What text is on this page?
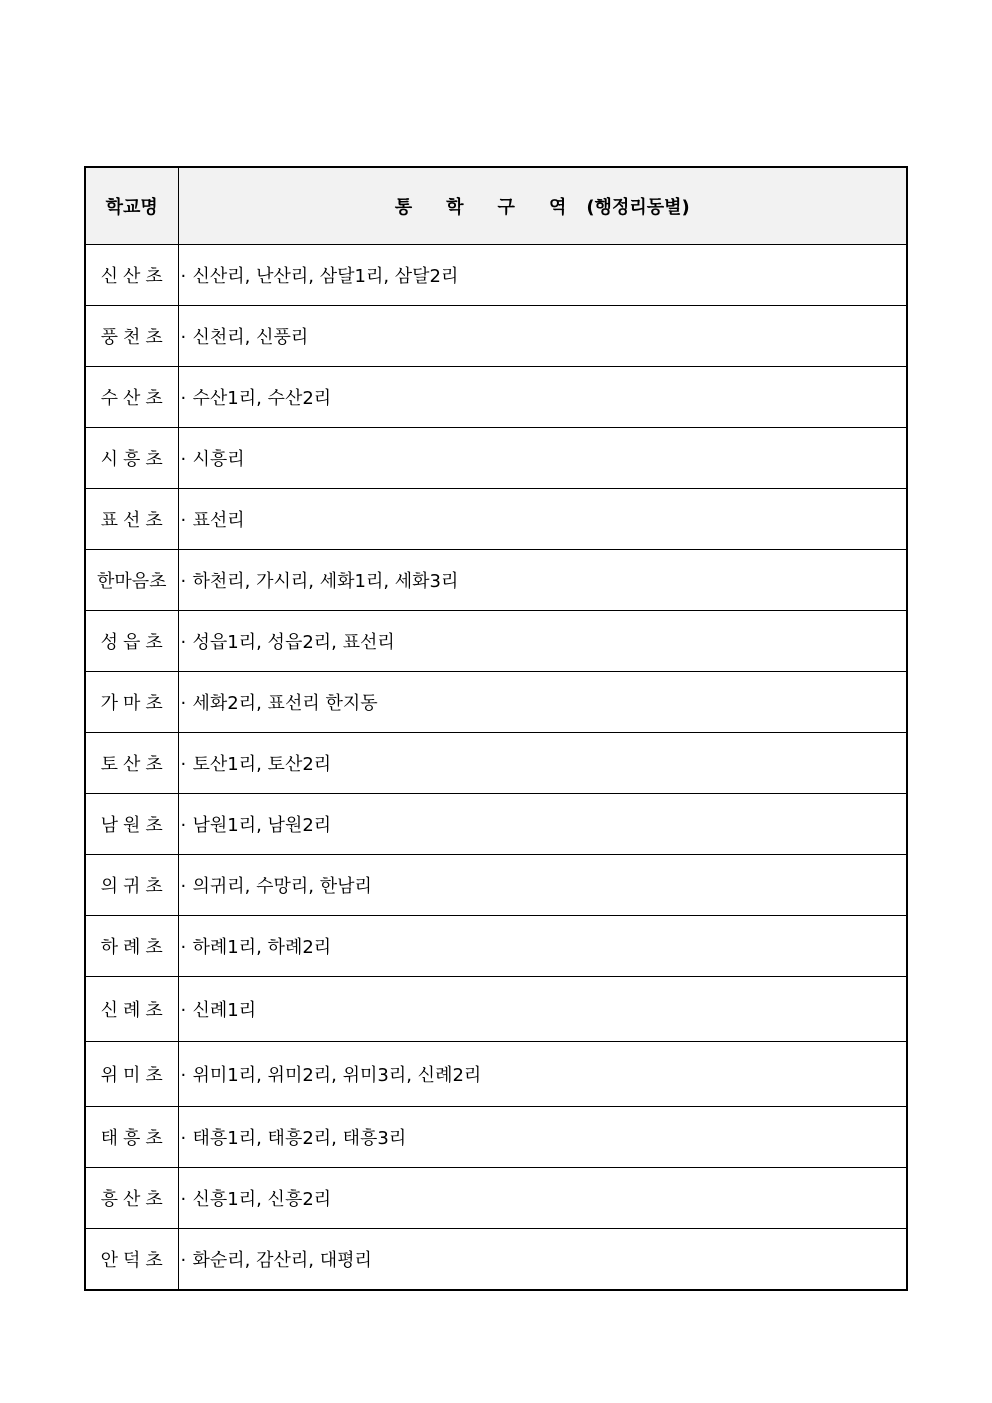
학교명	통 학 구 역 (행정리동별)
신산초	· 신산리, 난산리, 삼달1리, 삼달2리
풍천초	· 신천리, 신풍리
수산초	· 수산1리, 수산2리
시흥초	· 시흥리
표선초	· 표선리
한마음초	· 하천리, 가시리, 세화1리, 세화3리
성읍초	· 성읍1리, 성읍2리, 표선리
가마초	· 세화2리, 표선리 한지동
토산초	· 토산1리, 토산2리
남원초	· 남원1리, 남원2리
의귀초	· 의귀리, 수망리, 한남리
하례초	· 하례1리, 하례2리
신례초	· 신례1리
위미초	· 위미1리, 위미2리, 위미3리, 신례2리
태흥초	· 태흥1리, 태흥2리, 태흥3리
흥산초	· 신흥1리, 신흥2리
안덕초	· 화순리, 감산리, 대평리
